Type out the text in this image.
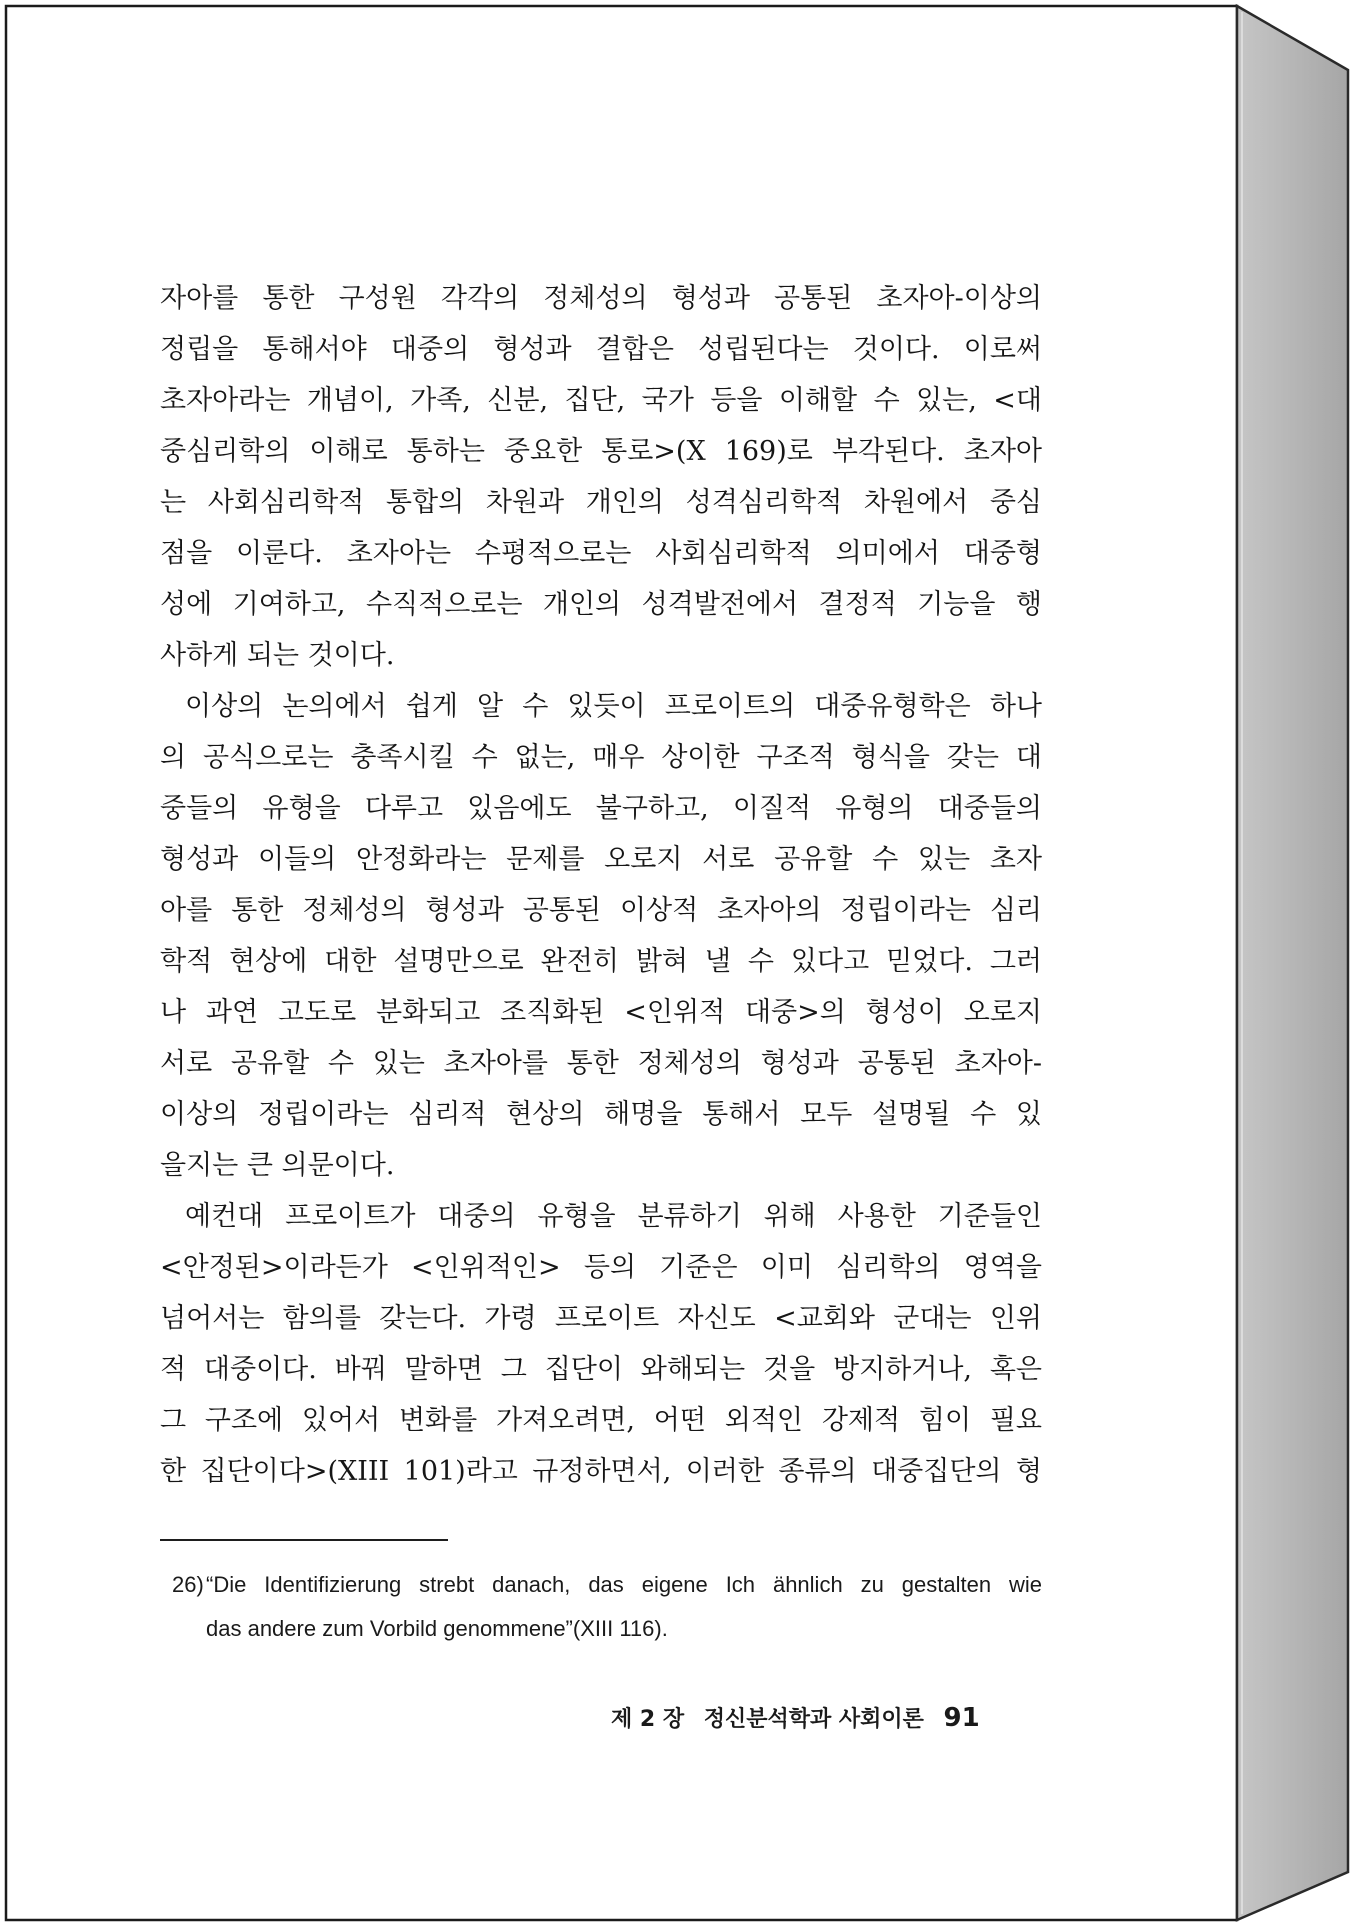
자아를 통한 구성원 각각의 정체성의 형성과 공통된 초자아-이상의
정립을 통해서야 대중의 형성과 결합은 성립된다는 것이다. 이로써
초자아라는 개념이, 가족, 신분, 집단, 국가 등을 이해할 수 있는, <대
중심리학의 이해로 통하는 중요한 통로>(X 169)로 부각된다. 초자아
는 사회심리학적 통합의 차원과 개인의 성격심리학적 차원에서 중심
점을 이룬다. 초자아는 수평적으로는 사회심리학적 의미에서 대중형
성에 기여하고, 수직적으로는 개인의 성격발전에서 결정적 기능을 행
사하게 되는 것이다.
이상의 논의에서 쉽게 알 수 있듯이 프로이트의 대중유형학은 하나
의 공식으로는 충족시킬 수 없는, 매우 상이한 구조적 형식을 갖는 대
중들의 유형을 다루고 있음에도 불구하고, 이질적 유형의 대중들의
형성과 이들의 안정화라는 문제를 오로지 서로 공유할 수 있는 초자
아를 통한 정체성의 형성과 공통된 이상적 초자아의 정립이라는 심리
학적 현상에 대한 설명만으로 완전히 밝혀 낼 수 있다고 믿었다. 그러
나 과연 고도로 분화되고 조직화된 <인위적 대중>의 형성이 오로지
서로 공유할 수 있는 초자아를 통한 정체성의 형성과 공통된 초자아-
이상의 정립이라는 심리적 현상의 해명을 통해서 모두 설명될 수 있
을지는 큰 의문이다.
예컨대 프로이트가 대중의 유형을 분류하기 위해 사용한 기준들인
<안정된>이라든가 <인위적인> 등의 기준은 이미 심리학의 영역을
넘어서는 함의를 갖는다. 가령 프로이트 자신도 <교회와 군대는 인위
적 대중이다. 바꿔 말하면 그 집단이 와해되는 것을 방지하거나, 혹은
그 구조에 있어서 변화를 가져오려면, 어떤 외적인 강제적 힘이 필요
한 집단이다>(XIII 101)라고 규정하면서, 이러한 종류의 대중집단의 형
26) “Die Identifizierung strebt danach, das eigene Ich ähnlich zu gestalten wie
das andere zum Vorbild genommene”(XIII 116).
제 2 장 정신분석학과 사회이론 91
